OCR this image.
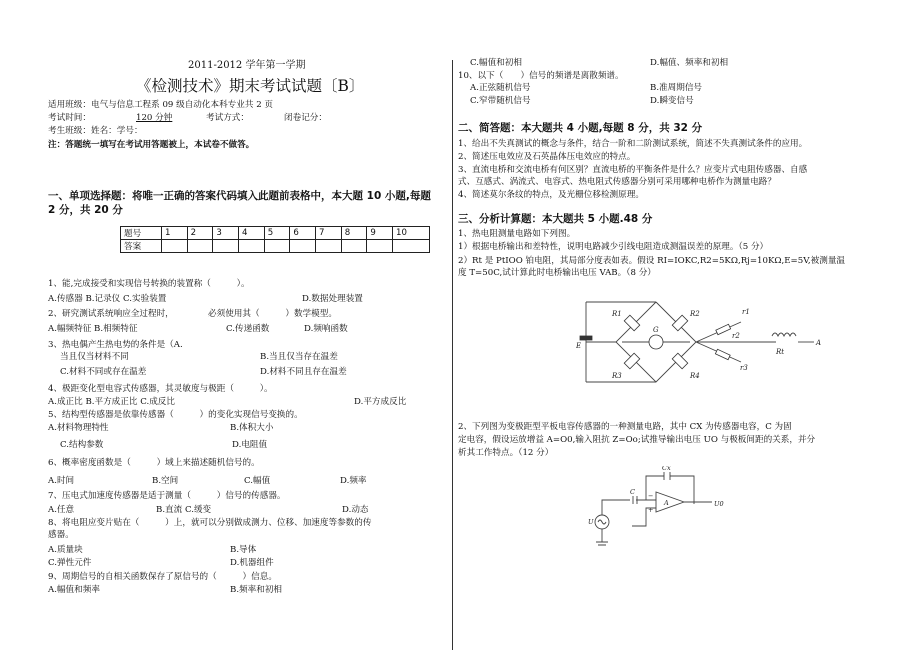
2011-2012 学年第一学期
《检测技术》期末考试试题〔B〕
适用班级：电气与信息工程系 09 级自动化本科专业共 2 页
考试时间：	120 分钟	考试方式：	闭卷记分：
考生班级：姓名：学号：
注：答题统一填写在考试用答题被上，本试卷不做答。
一、单项选择题：将唯一正确的答案代码填入此题前表格中，本大题 10 小题,每题
2 分，共 20 分
题号	1	2	3	4	5	6	7	8	9	10
答案										
1、能,完成接受和实现信号转换的装置称（　　　）。
A.传感器 B.记录仪 C.实验装置	D.数据处理装置
2、研究测试系统响应全过程时，	必须使用其（　　　）数学模型。
A.幅频特征 B.相频特征	C.传递函数	D.频响函数
3、热电偶产生热电势的条件是（A.
当且仅当材料不同	B.当且仅当存在温差
C.材料不同或存在温差	D.材料不同且存在温差
4、极距变化型电容式传感器，其灵敏度与极距（　　　）。
A.成正比 B.平方成正比 C.成反比	D.平方成反比
5、结构型传感器是依靠传感器（　　　）的变化实现信号变换的。
A.材料物理特性	B.体积大小
C.结构参数	D.电阻值
6、概率密度函数是（　　　）域上来描述随机信号的。
A.时间	B.空间	C.幅值	D.频率
7、压电式加速度传感器是适于测量（　　　）信号的传感器。
A.任意	B.直流 C.缓变	D.动态
8、将电阻应变片贴在（　　　）上，就可以分别做成测力、位移、加速度等参数的传
感器。
A.质量块	B.导体
C.弹性元件	D.机器组件
9、周期信号的自相关函数保存了原信号的（　　　）信息。
A.幅值和频率	B.频率和初相
C.幅值和初相	D.幅值、频率和初相
10、以下（　　）信号的频谱是离散频谱。
A.正弦随机信号	B.准周期信号
C.窄带随机信号	D.瞬变信号
二、简答题：本大题共 4 小题,每题 8 分，共 32 分
1、给出不失真测试的概念与条件，结合一阶和二阶测试系统，简述不失真测试条件的应用。
2、简述压电效应及石英晶体压电效应的特点。
3、直流电桥和交流电桥有何区别？直流电桥的平衡条件是什么？应变片式电阻传感器、自感
式、互感式、涡流式、电容式、热电阻式传感器分别可采用哪种电桥作为测量电路？
4、简述莫尔条纹的特点，及光栅位移检测原理。
三、分析计算题：本大题共 5 小题.48 分
1、热电阻测量电路如下列图。
1）根据电桥输出和差特性，说明电路减少引线电阻造成测温误差的原理。（5 分）
2）Rt 是 PtIOO 铂电阻，其局部分度表如表。假设 RI=IOKC,R2=5KΩ,Rj=10KΩ,E=5V,被测量温
度 T=50C,试计算此时电桥输出电压 VAB。（8 分）
E
R1	R2
R3	R4
G
r1
r2
r3
Rt
A
2、下列图为变极距型平板电容传感器的一种测量电路，其中 CX 为传感器电容，C 为固
定电容，假设运放增益 A=O0,输入阻抗 Z=Oo;试推导输出电压 UO 与极板间距的关系，并分
析其工作特点。（12 分）
Cx
C
A
U
U0
−
+
